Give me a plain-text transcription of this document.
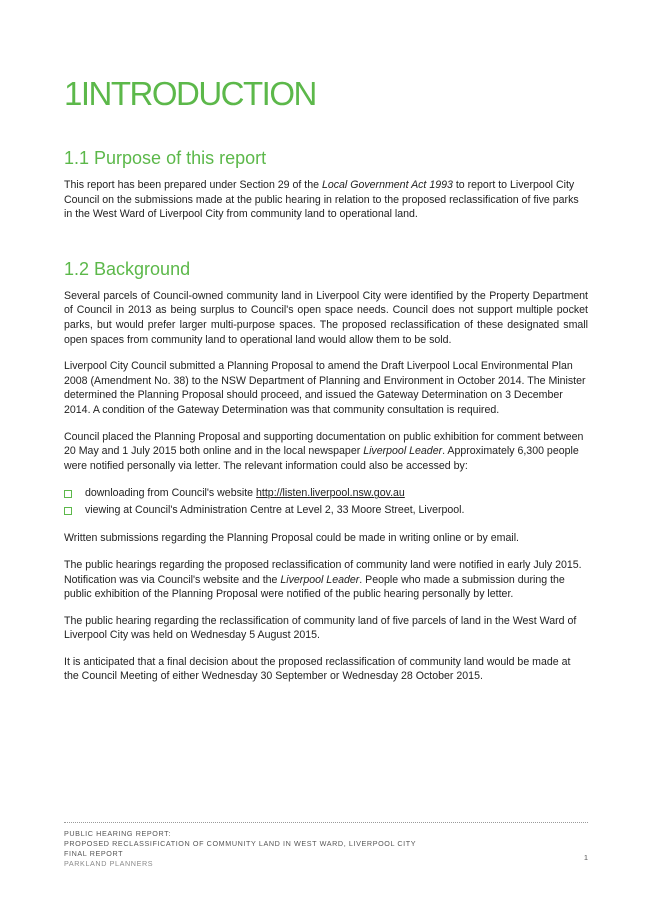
1INTRODUCTION
1.1 Purpose of this report

This report has been prepared under Section 29 of the Local Government Act 1993 to report to Liverpool City Council on the submissions made at the public hearing in relation to the proposed reclassification of five parks in the West Ward of Liverpool City from community land to operational land.

1.2 Background

Several parcels of Council-owned community land in Liverpool City were identified by the Property Department of Council in 2013 as being surplus to Council's open space needs. Council does not support multiple pocket parks, but would prefer larger multi-purpose spaces. The proposed reclassification of these designated small open spaces from community land to operational land would allow them to be sold.

Liverpool City Council submitted a Planning Proposal to amend the Draft Liverpool Local Environmental Plan 2008 (Amendment No. 38) to the NSW Department of Planning and Environment in October 2014. The Minister determined the Planning Proposal should proceed, and issued the Gateway Determination on 3 December 2014. A condition of the Gateway Determination was that community consultation is required.

Council placed the Planning Proposal and supporting documentation on public exhibition for comment between 20 May and 1 July 2015 both online and in the local newspaper Liverpool Leader. Approximately 6,300 people were notified personally via letter. The relevant information could also be accessed by:

downloading from Council's website http://listen.liverpool.nsw.gov.au
viewing at Council's Administration Centre at Level 2, 33 Moore Street, Liverpool.

Written submissions regarding the Planning Proposal could be made in writing online or by email.

The public hearings regarding the proposed reclassification of community land were notified in early July 2015. Notification was via Council's website and the Liverpool Leader. People who made a submission during the public exhibition of the Planning Proposal were notified of the public hearing personally by letter.

The public hearing regarding the reclassification of community land of five parcels of land in the West Ward of Liverpool City was held on Wednesday 5 August 2015.

It is anticipated that a final decision about the proposed reclassification of community land would be made at the Council Meeting of either Wednesday 30 September or Wednesday 28 October 2015.

PUBLIC HEARING REPORT:
PROPOSED RECLASSIFICATION OF COMMUNITY LAND IN WEST WARD, LIVERPOOL CITY
FINAL REPORT
PARKLAND PLANNERS
1
